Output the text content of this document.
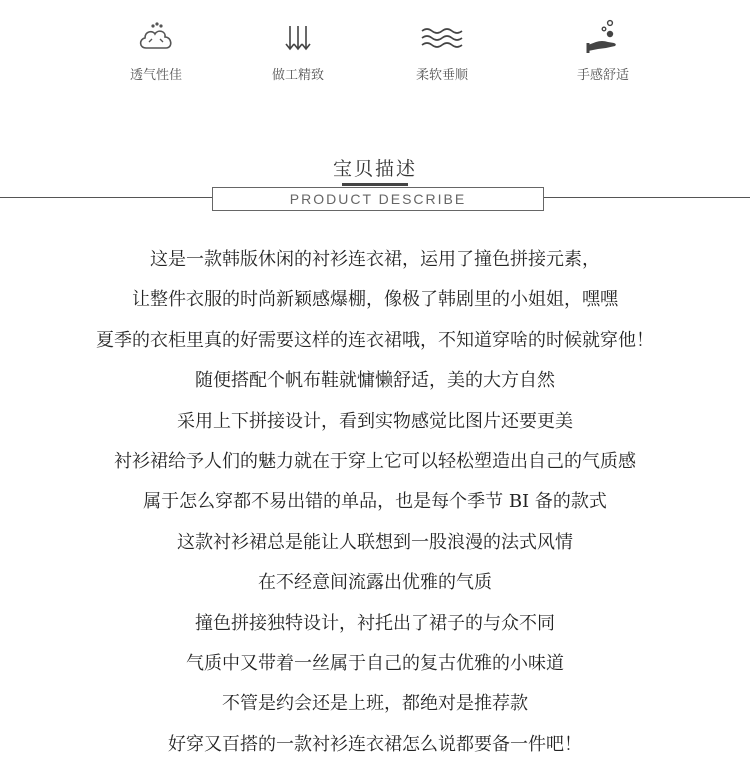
透气性佳	做工精致	柔软垂顺	手感舒适
宝贝描述
PRODUCT DESCRIBE
这是一款韩版休闲的衬衫连衣裙，运用了撞色拼接元素，
让整件衣服的时尚新颖感爆棚，像极了韩剧里的小姐姐，嘿嘿
夏季的衣柜里真的好需要这样的连衣裙哦，不知道穿啥的时候就穿他！
随便搭配个帆布鞋就慵懒舒适，美的大方自然
采用上下拼接设计，看到实物感觉比图片还要更美
衬衫裙给予人们的魅力就在于穿上它可以轻松塑造出自己的气质感
属于怎么穿都不易出错的单品，也是每个季节 BI 备的款式
这款衬衫裙总是能让人联想到一股浪漫的法式风情
在不经意间流露出优雅的气质
撞色拼接独特设计，衬托出了裙子的与众不同
气质中又带着一丝属于自己的复古优雅的小味道
不管是约会还是上班，都绝对是推荐款
好穿又百搭的一款衬衫连衣裙怎么说都要备一件吧！
